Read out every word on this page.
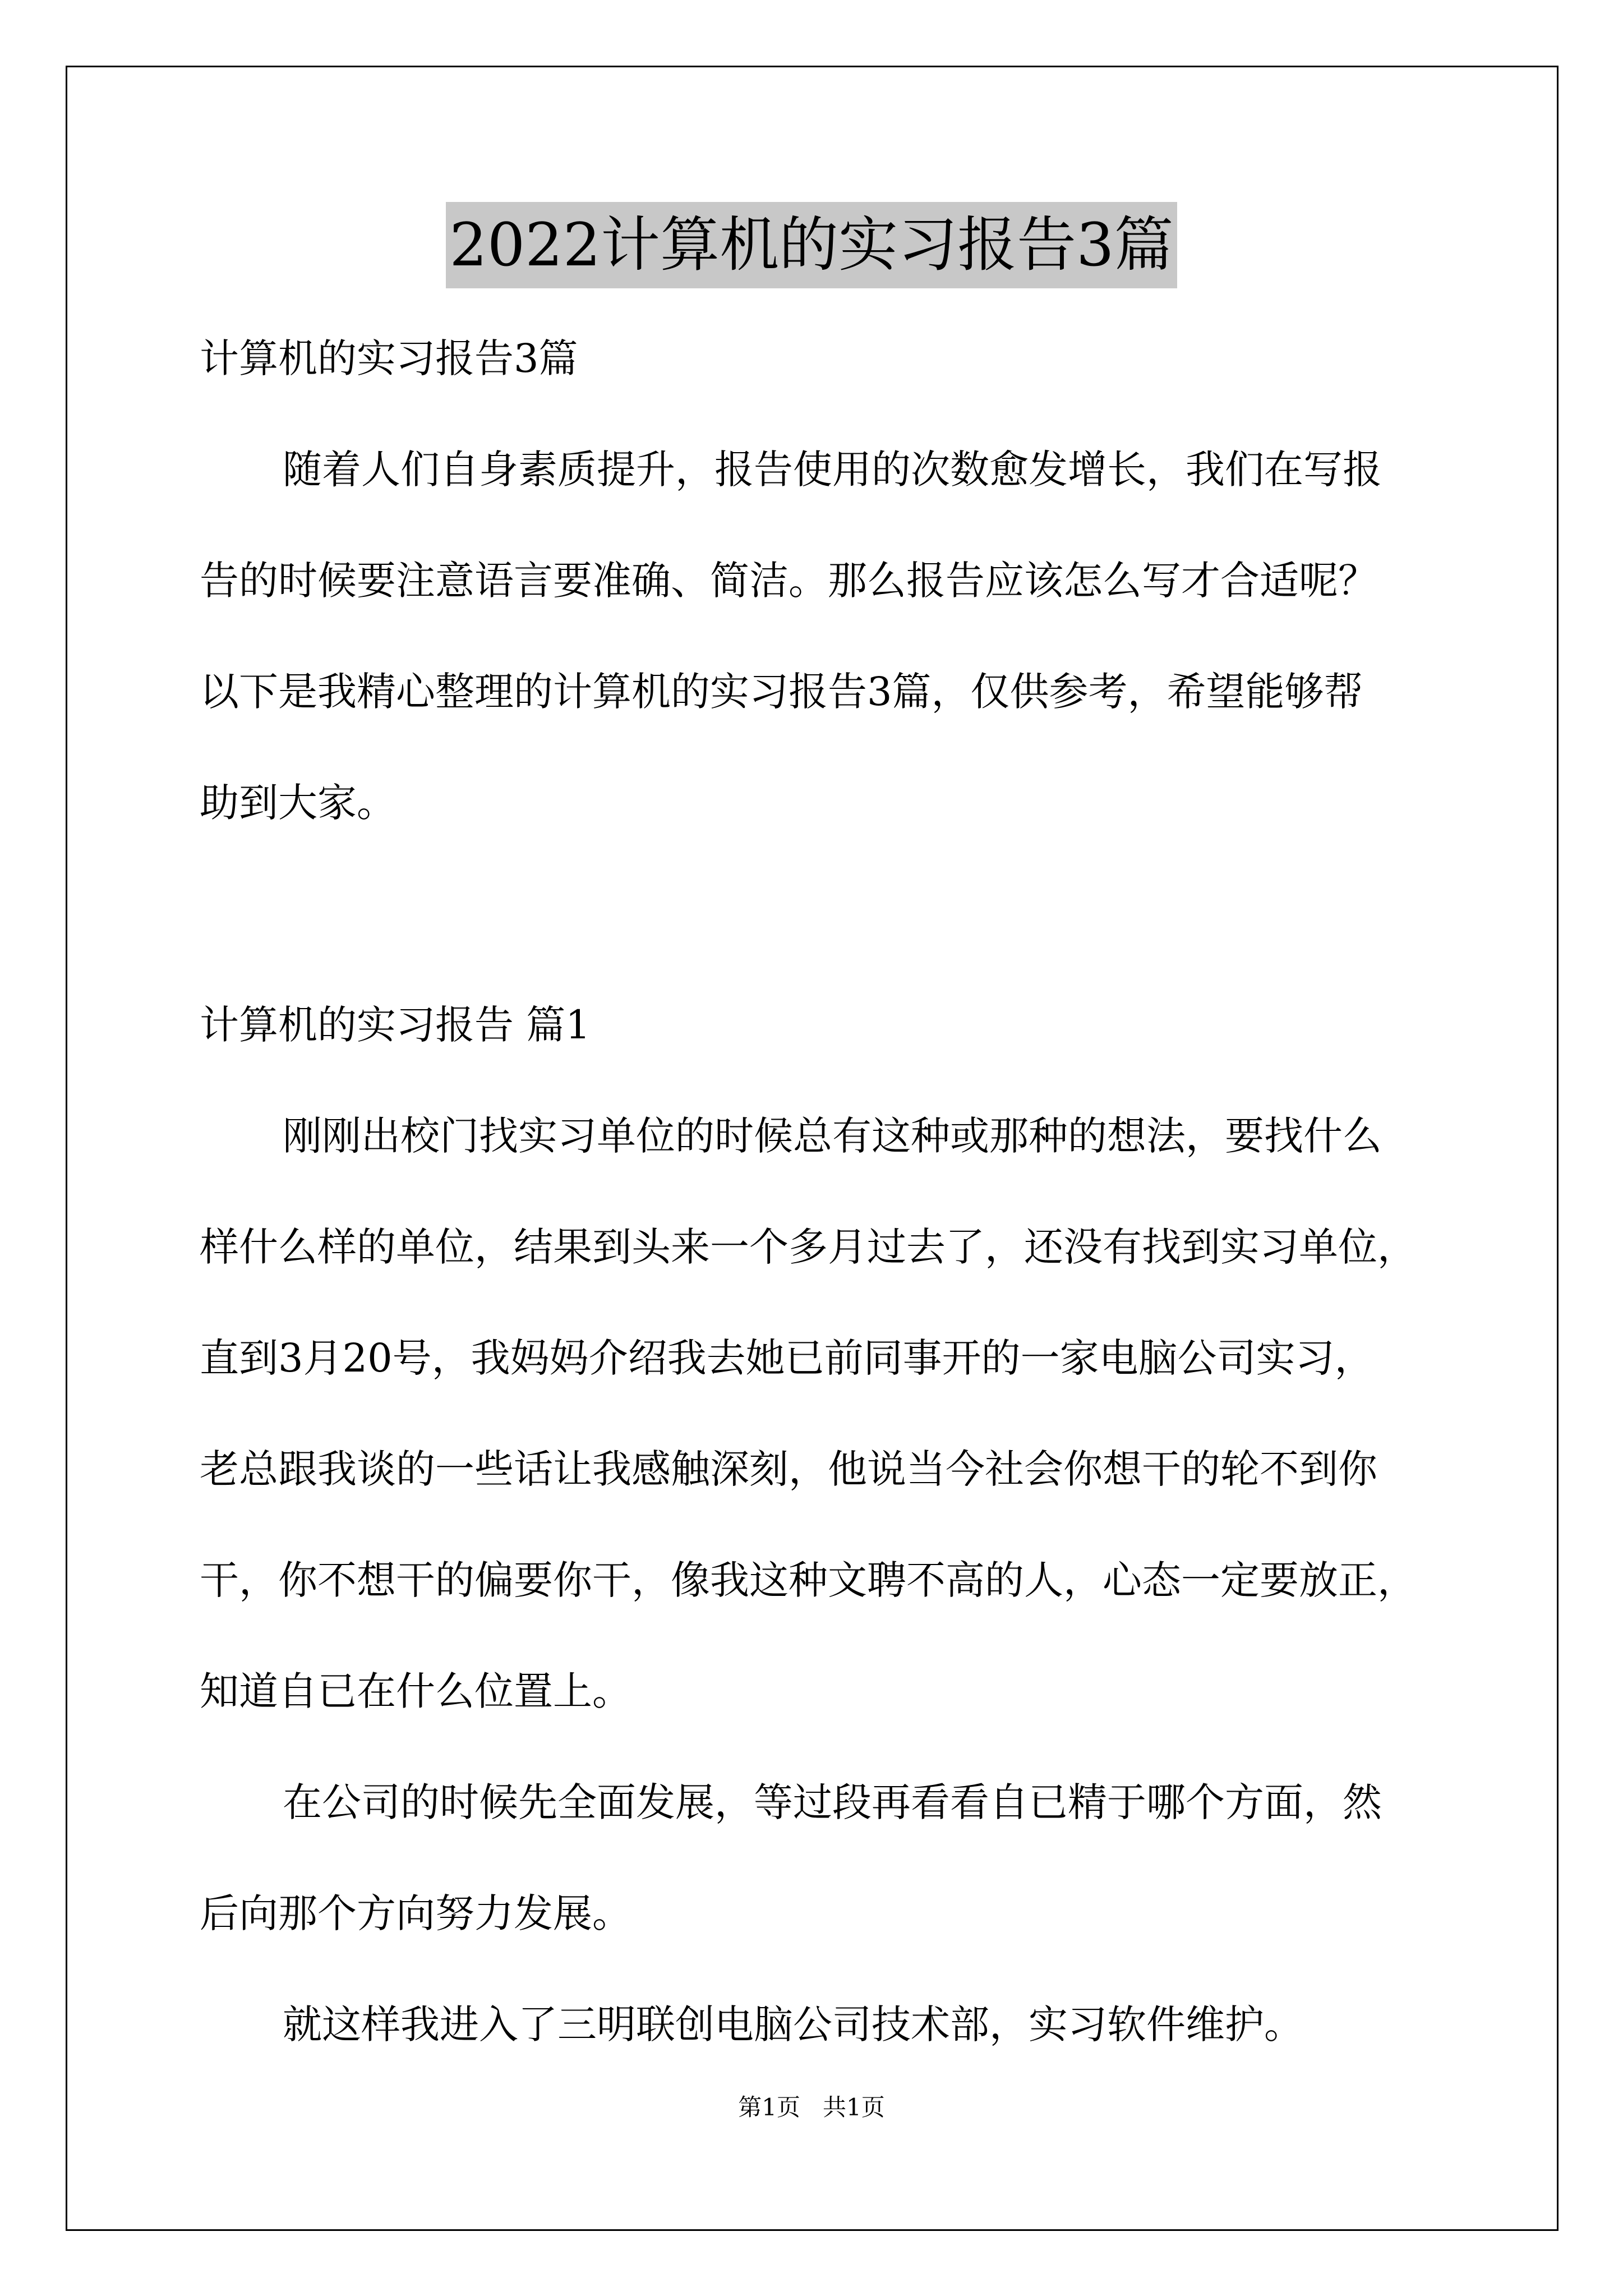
2022计算机的实习报告3篇
计算机的实习报告3篇
随着人们自身素质提升，报告使用的次数愈发增长，我们在写报
告的时候要注意语言要准确、简洁。那么报告应该怎么写才合适呢？
以下是我精心整理的计算机的实习报告3篇，仅供参考，希望能够帮
助到大家。
计算机的实习报告 篇1
刚刚出校门找实习单位的时候总有这种或那种的想法，要找什么
样什么样的单位，结果到头来一个多月过去了，还没有找到实习单位，
直到3月20号，我妈妈介绍我去她已前同事开的一家电脑公司实习，
老总跟我谈的一些话让我感触深刻，他说当今社会你想干的轮不到你
干，你不想干的偏要你干，像我这种文聘不高的人，心态一定要放正，
知道自已在什么位置上。
在公司的时候先全面发展，等过段再看看自已精于哪个方面，然
后向那个方向努力发展。
就这样我进入了三明联创电脑公司技术部，实习软件维护。
第1页 共1页
